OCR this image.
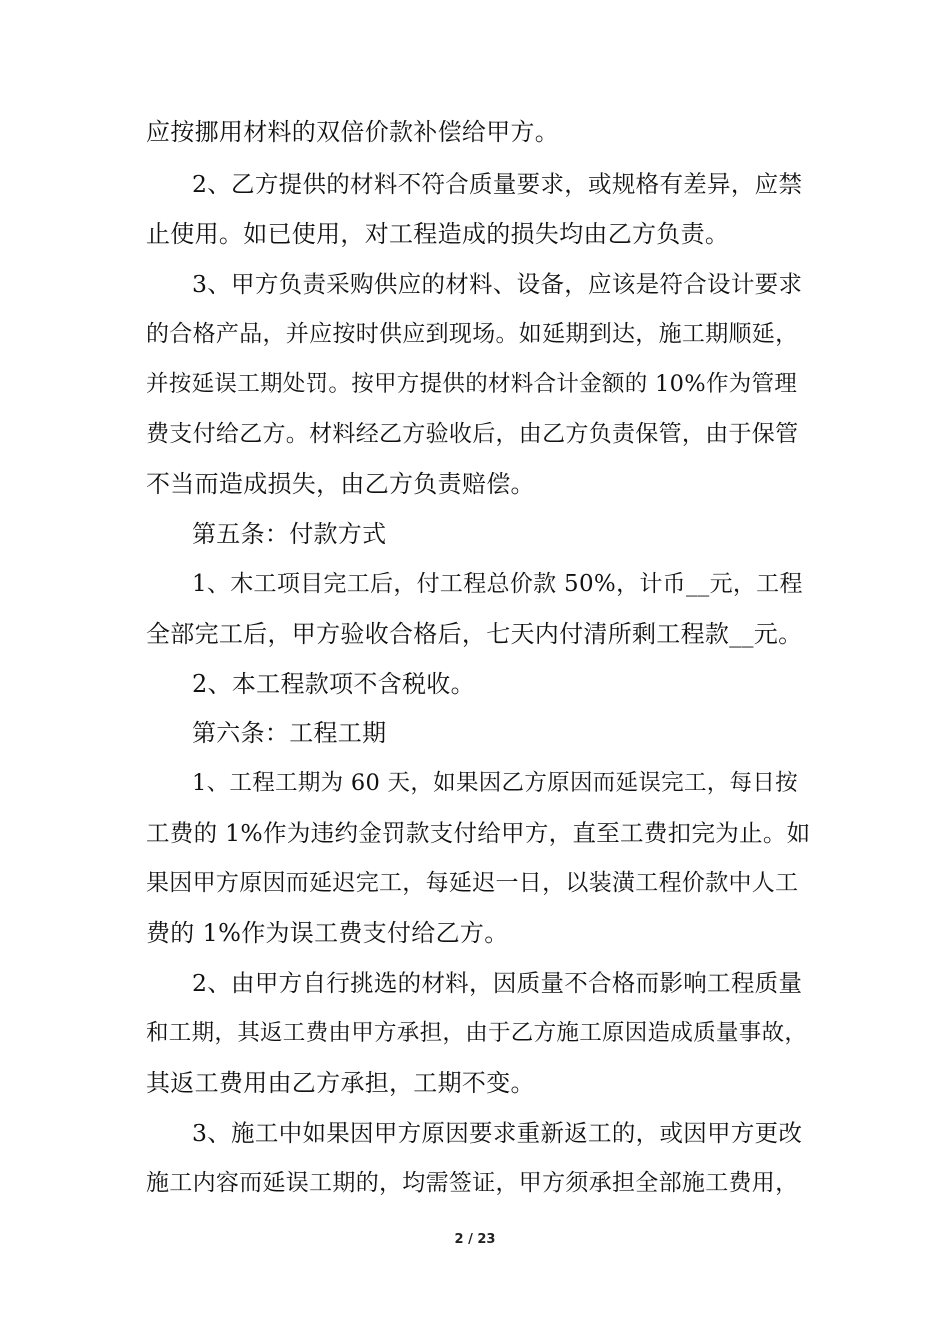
应按挪用材料的双倍价款补偿给甲方。
2、乙方提供的材料不符合质量要求，或规格有差异，应禁
止使用。如已使用，对工程造成的损失均由乙方负责。
3、甲方负责采购供应的材料、设备，应该是符合设计要求
的合格产品，并应按时供应到现场。如延期到达，施工期顺延，
并按延误工期处罚。按甲方提供的材料合计金额的 10%作为管理
费支付给乙方。材料经乙方验收后，由乙方负责保管，由于保管
不当而造成损失，由乙方负责赔偿。
第五条：付款方式
1、木工项目完工后，付工程总价款 50%，计币__元，工程
全部完工后，甲方验收合格后，七天内付清所剩工程款__元。
2、本工程款项不含税收。
第六条：工程工期
1、工程工期为 60 天，如果因乙方原因而延误完工，每日按
工费的 1%作为违约金罚款支付给甲方，直至工费扣完为止。如
果因甲方原因而延迟完工，每延迟一日，以装潢工程价款中人工
费的 1%作为误工费支付给乙方。
2、由甲方自行挑选的材料，因质量不合格而影响工程质量
和工期，其返工费由甲方承担，由于乙方施工原因造成质量事故，
其返工费用由乙方承担，工期不变。
3、施工中如果因甲方原因要求重新返工的，或因甲方更改
施工内容而延误工期的，均需签证，甲方须承担全部施工费用，
2 / 23
